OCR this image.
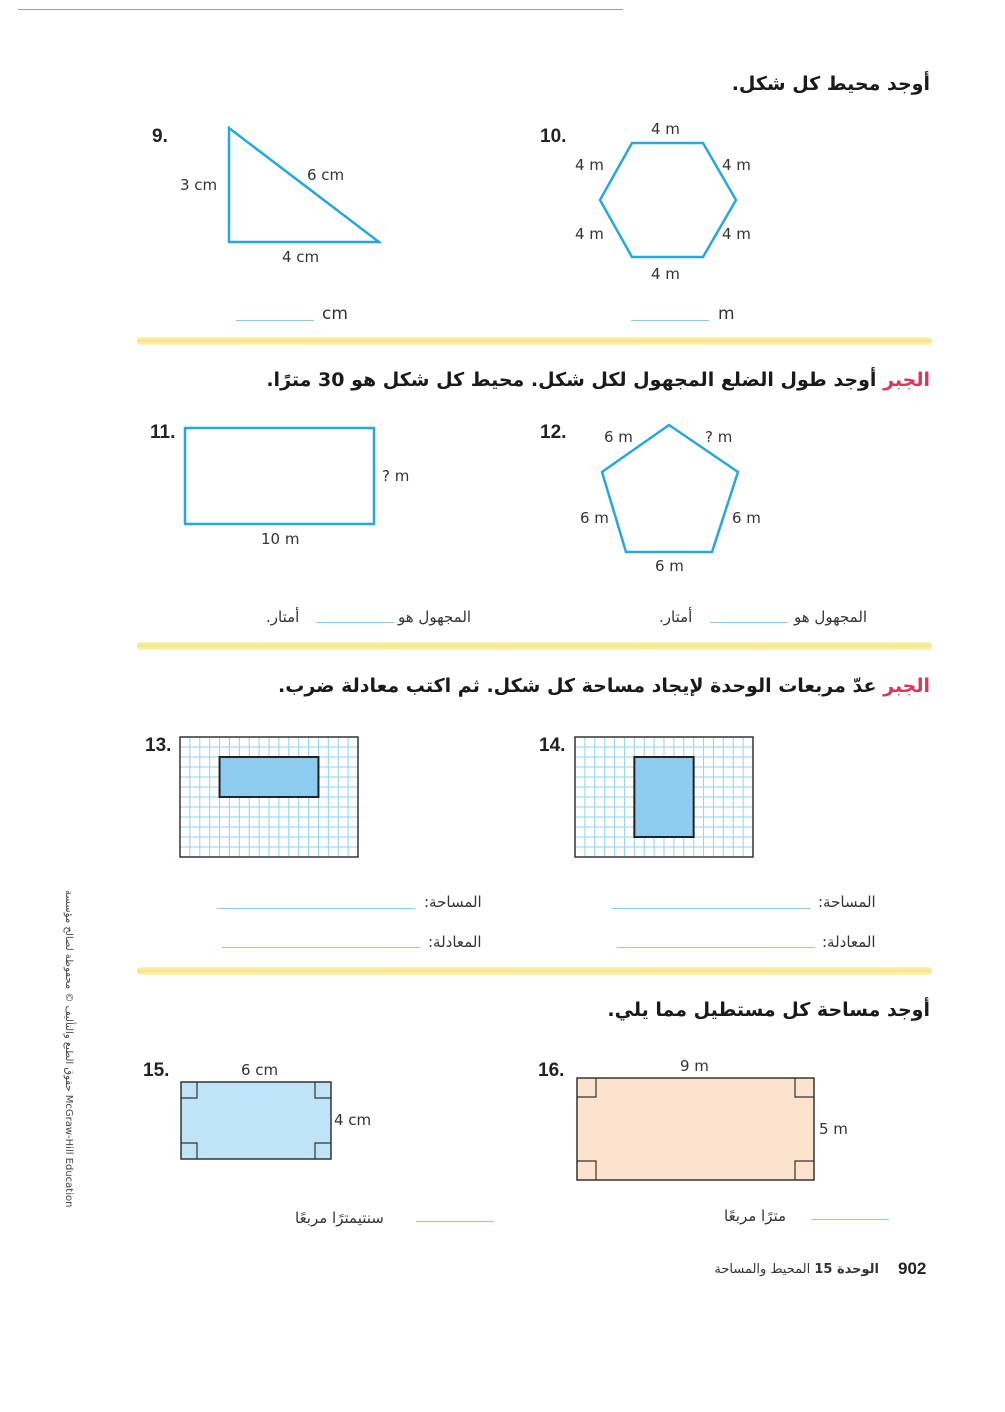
أوجد محيط كل شكل.
9.
3 cm
6 cm
4 cm
cm
10.	4 m
4 m	4 m
4 m	4 m
4 m
m
الجبر أوجد طول الضلع المجهول لكل شكل. محيط كل شكل هو 30 مترًا.
11.
? m
10 m
12.	6 m	? m
6 m	6 m
6 m
المجهول هو
أمتار.	المجهول هو
أمتار.
الجبر عدّ مربعات الوحدة لإيجاد مساحة كل شكل. ثم اكتب معادلة ضرب.
13.	14.
المساحة:
المعادلة:
المساحة:
المعادلة:
أوجد مساحة كل مستطيل مما يلي.
15.	6 cm
4 cm
سنتيمترًا مربعًا
16.	9 m
5 m
مترًا مربعًا
حقوق الطبع والتأليف © محفوظة لصالح مؤسسة McGraw-Hill Education
902
الوحدة 15 المحيط والمساحة
